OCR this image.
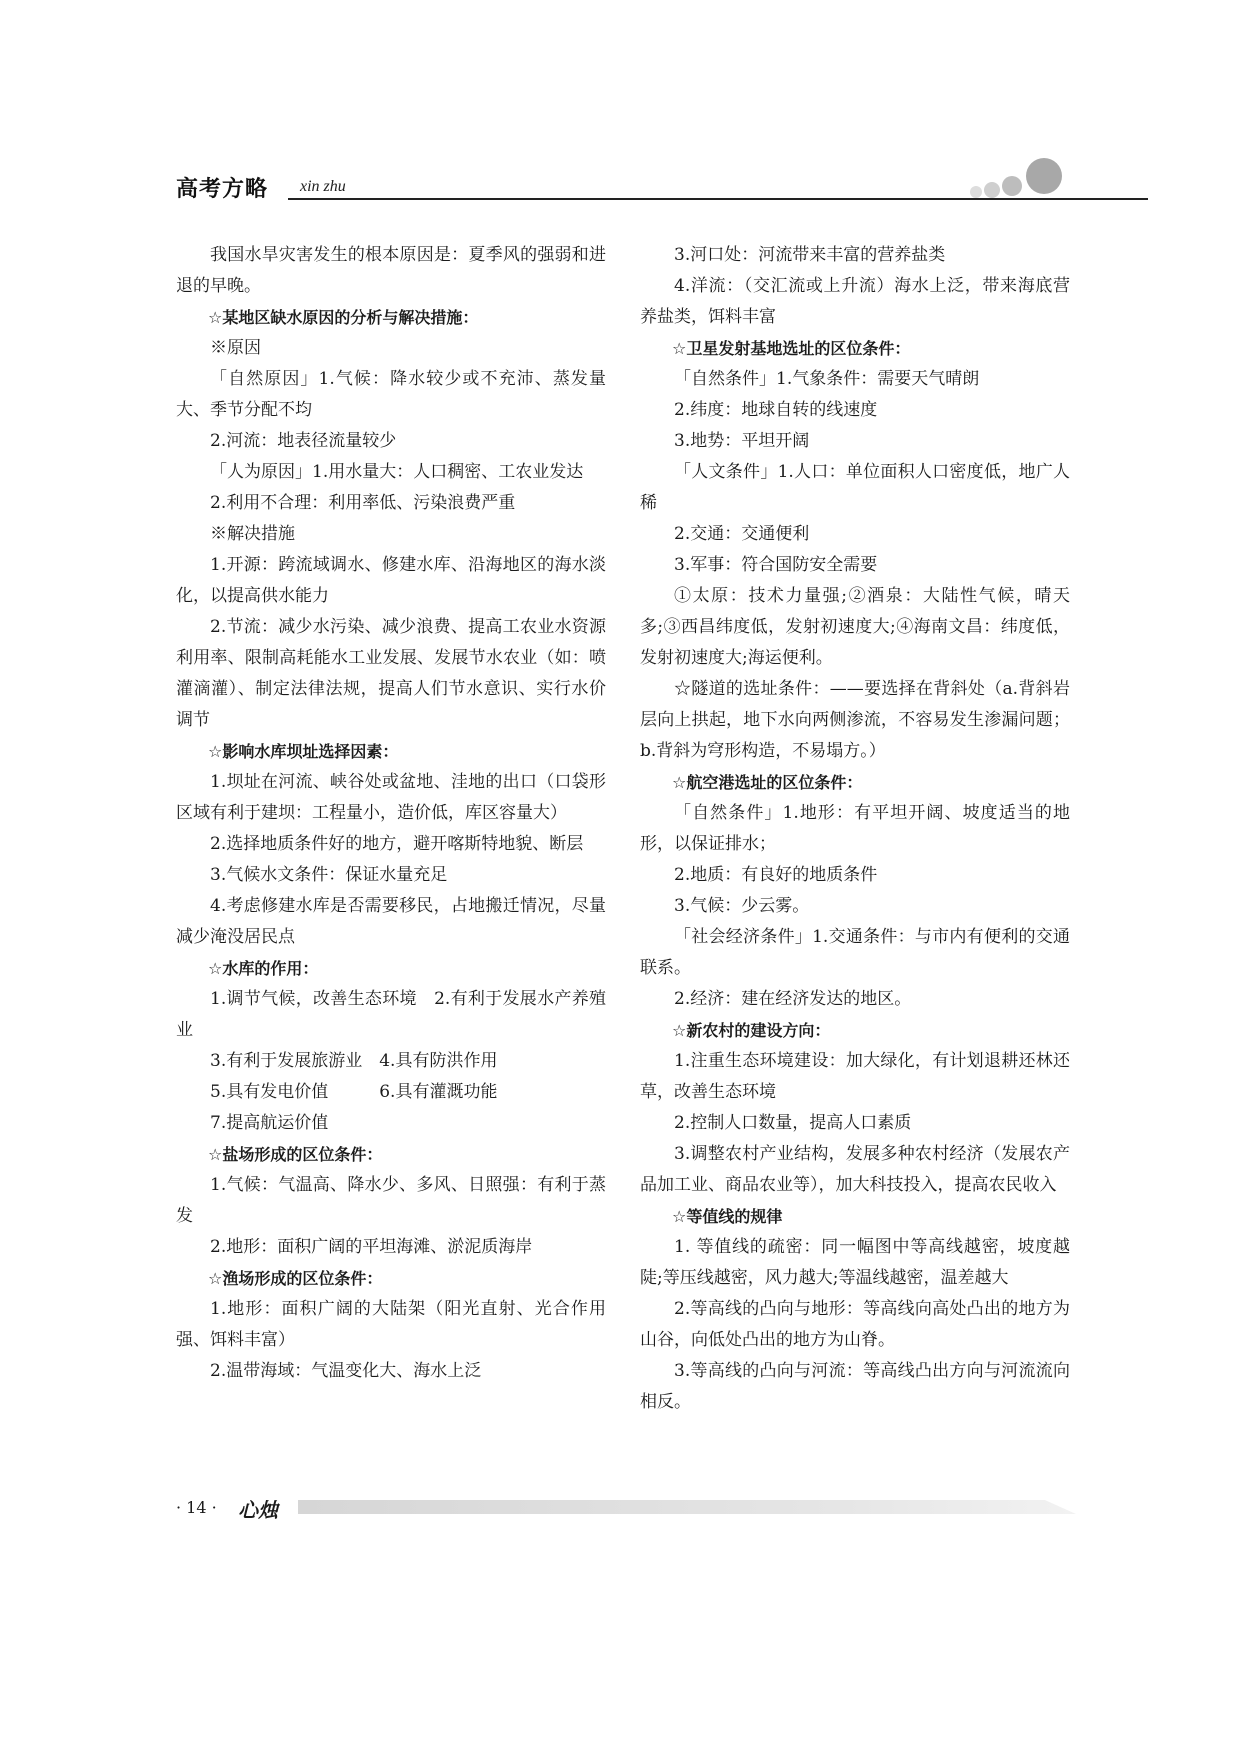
高考方略 xin zhu

我国水旱灾害发生的根本原因是：夏季风的强弱和进退的早晚。

☆某地区缺水原因的分析与解决措施：

※原因

「自然原因」1.气候：降水较少或不充沛、蒸发量大、季节分配不均

2.河流：地表径流量较少

「人为原因」1.用水量大：人口稠密、工农业发达

2.利用不合理：利用率低、污染浪费严重

※解决措施

1.开源：跨流域调水、修建水库、沿海地区的海水淡化，以提高供水能力

2.节流：减少水污染、减少浪费、提高工农业水资源利用率、限制高耗能水工业发展、发展节水农业（如：喷灌滴灌）、制定法律法规，提高人们节水意识、实行水价调节

☆影响水库坝址选择因素：

1.坝址在河流、峡谷处或盆地、洼地的出口（口袋形区域有利于建坝：工程量小，造价低，库区容量大）

2.选择地质条件好的地方，避开喀斯特地貌、断层

3.气候水文条件：保证水量充足

4.考虑修建水库是否需要移民，占地搬迁情况，尽量减少淹没居民点

☆水库的作用：

1.调节气候，改善生态环境　2.有利于发展水产养殖业

3.有利于发展旅游业　4.具有防洪作用

5.具有发电价值　　　6.具有灌溉功能

7.提高航运价值

☆盐场形成的区位条件：

1.气候：气温高、降水少、多风、日照强：有利于蒸发

2.地形：面积广阔的平坦海滩、淤泥质海岸

☆渔场形成的区位条件：

1.地形：面积广阔的大陆架（阳光直射、光合作用强、饵料丰富）

2.温带海域：气温变化大、海水上泛

3.河口处：河流带来丰富的营养盐类

4.洋流：（交汇流或上升流）海水上泛，带来海底营养盐类，饵料丰富

☆卫星发射基地选址的区位条件：

「自然条件」1.气象条件：需要天气晴朗

2.纬度：地球自转的线速度

3.地势：平坦开阔

「人文条件」1.人口：单位面积人口密度低，地广人稀

2.交通：交通便利

3.军事：符合国防安全需要

①太原：技术力量强;②酒泉：大陆性气候，晴天多;③西昌纬度低，发射初速度大;④海南文昌：纬度低，发射初速度大;海运便利。

☆隧道的选址条件：——要选择在背斜处（a.背斜岩层向上拱起，地下水向两侧渗流，不容易发生渗漏问题；b.背斜为穹形构造，不易塌方。）

☆航空港选址的区位条件：

「自然条件」1.地形：有平坦开阔、坡度适当的地形，以保证排水；

2.地质：有良好的地质条件

3.气候：少云雾。

「社会经济条件」1.交通条件：与市内有便利的交通联系。

2.经济：建在经济发达的地区。

☆新农村的建设方向：

1.注重生态环境建设：加大绿化，有计划退耕还林还草，改善生态环境

2.控制人口数量，提高人口素质

3.调整农村产业结构，发展多种农村经济（发展农产品加工业、商品农业等），加大科技投入，提高农民收入

☆等值线的规律

1. 等值线的疏密：同一幅图中等高线越密，坡度越陡;等压线越密，风力越大;等温线越密，温差越大

2.等高线的凸向与地形：等高线向高处凸出的地方为山谷，向低处凸出的地方为山脊。

3.等高线的凸向与河流：等高线凸出方向与河流流向相反。

· 14 · 心烛
